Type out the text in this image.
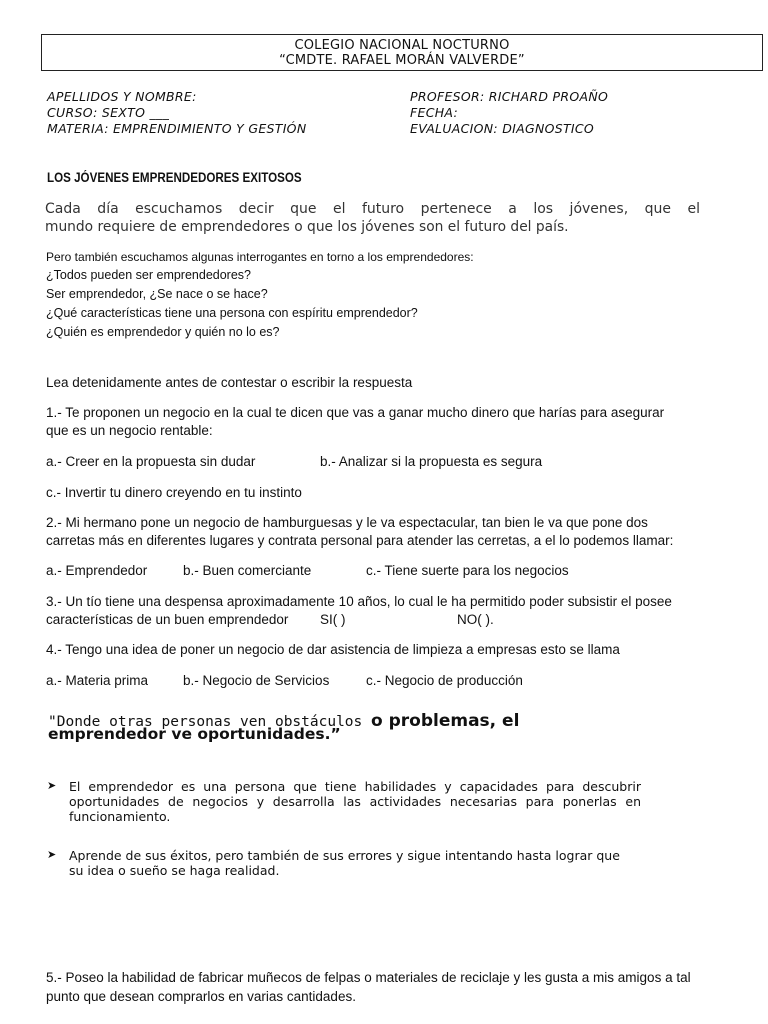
COLEGIO NACIONAL NOCTURNO
“CMDTE. RAFAEL MORÁN VALVERDE”
APELLIDOS Y NOMBRE:
CURSO: SEXTO ___
MATERIA: EMPRENDIMIENTO Y GESTIÓN
PROFESOR: RICHARD PROAÑO
FECHA:
EVALUACION: DIAGNOSTICO
LOS JÓVENES EMPRENDEDORES EXITOSOS
Cada día escuchamos decir que el futuro pertenece a los jóvenes, que el
mundo requiere de emprendedores o que los jóvenes son el futuro del país.
Pero también escuchamos algunas interrogantes en torno a los emprendedores:
¿Todos pueden ser emprendedores?
Ser emprendedor, ¿Se nace o se hace?
¿Qué características tiene una persona con espíritu emprendedor?
¿Quién es emprendedor y quién no lo es?
Lea detenidamente antes de contestar o escribir la respuesta
1.- Te proponen un negocio en la cual te dicen que vas a ganar mucho dinero que harías para asegurar
que es un negocio rentable:
a.- Creer en la propuesta sin dudar	b.- Analizar si la propuesta es segura
c.- Invertir tu dinero creyendo en tu instinto
2.- Mi hermano pone un negocio de hamburguesas y le va espectacular, tan bien le va que pone dos
carretas más en diferentes lugares y contrata personal para atender las cerretas, a el lo podemos llamar:
a.- Emprendedor	b.- Buen comerciante	c.- Tiene suerte para los negocios
3.- Un tío tiene una despensa aproximadamente 10 años, lo cual le ha permitido poder subsistir el posee
características de un buen emprendedor SI( )	NO( ).
4.- Tengo una idea de poner un negocio de dar asistencia de limpieza a empresas esto se llama
a.- Materia prima	b.- Negocio de Servicios	c.- Negocio de producción
"Donde otras personas ven obstáculos o problemas, el
emprendedor ve oportunidades.”
➤ El emprendedor es una persona que tiene habilidades y capacidades para descubrir
oportunidades de negocios y desarrolla las actividades necesarias para ponerlas en
funcionamiento.
➤ Aprende de sus éxitos, pero también de sus errores y sigue intentando hasta lograr que
su idea o sueño se haga realidad.
5.- Poseo la habilidad de fabricar muñecos de felpas o materiales de reciclaje y les gusta a mis amigos a tal
punto que desean comprarlos en varias cantidades.
